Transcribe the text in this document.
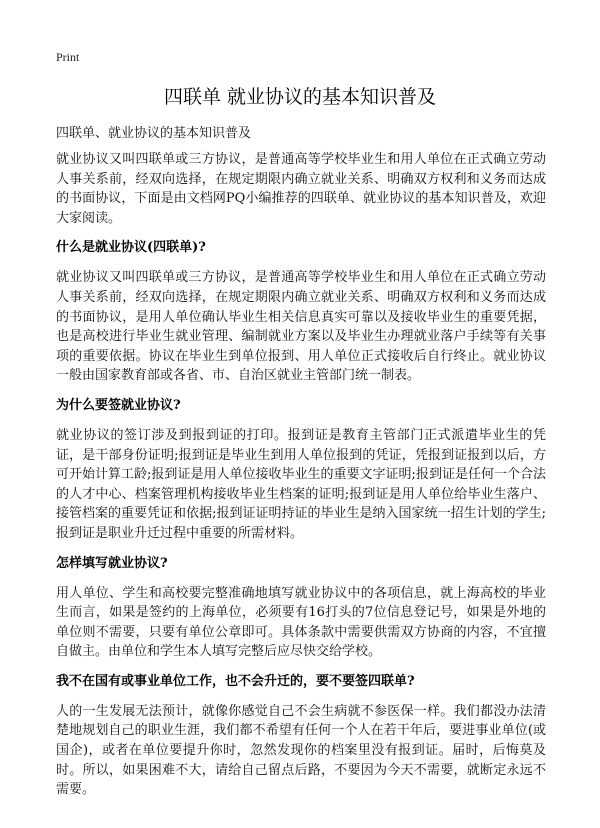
Print
四联单 就业协议的基本知识普及

四联单、就业协议的基本知识普及

就业协议又叫四联单或三方协议，是普通高等学校毕业生和用人单位在正式确立劳动人事关系前，经双向选择，在规定期限内确立就业关系、明确双方权利和义务而达成的书面协议，下面是由文档网PQ小编推荐的四联单、就业协议的基本知识普及，欢迎大家阅读。

什么是就业协议(四联单)?

就业协议又叫四联单或三方协议，是普通高等学校毕业生和用人单位在正式确立劳动人事关系前，经双向选择，在规定期限内确立就业关系、明确双方权利和义务而达成的书面协议，是用人单位确认毕业生相关信息真实可靠以及接收毕业生的重要凭据，也是高校进行毕业生就业管理、编制就业方案以及毕业生办理就业落户手续等有关事项的重要依据。协议在毕业生到单位报到、用人单位正式接收后自行终止。就业协议一般由国家教育部或各省、市、自治区就业主管部门统一制表。

为什么要签就业协议?

就业协议的签订涉及到报到证的打印。报到证是教育主管部门正式派遣毕业生的凭证，是干部身份证明;报到证是毕业生到用人单位报到的凭证，凭报到证报到以后，方可开始计算工龄;报到证是用人单位接收毕业生的重要文字证明;报到证是任何一个合法的人才中心、档案管理机构接收毕业生档案的证明;报到证是用人单位给毕业生落户、接管档案的重要凭证和依据;报到证证明持证的毕业生是纳入国家统一招生计划的学生;报到证是职业升迁过程中重要的所需材料。

怎样填写就业协议?

用人单位、学生和高校要完整准确地填写就业协议中的各项信息，就上海高校的毕业生而言，如果是签约的上海单位，必须要有16打头的7位信息登记号，如果是外地的单位则不需要，只要有单位公章即可。具体条款中需要供需双方协商的内容，不宜擅自做主。由单位和学生本人填写完整后应尽快交给学校。

我不在国有或事业单位工作，也不会升迁的，要不要签四联单?

人的一生发展无法预计，就像你感觉自己不会生病就不参医保一样。我们都没办法清楚地规划自己的职业生涯，我们都不希望有任何一个人在若干年后，要进事业单位(或国企)，或者在单位要提升你时，忽然发现你的档案里没有报到证。届时，后悔莫及时。所以，如果困难不大，请给自己留点后路，不要因为今天不需要，就断定永远不需要。
